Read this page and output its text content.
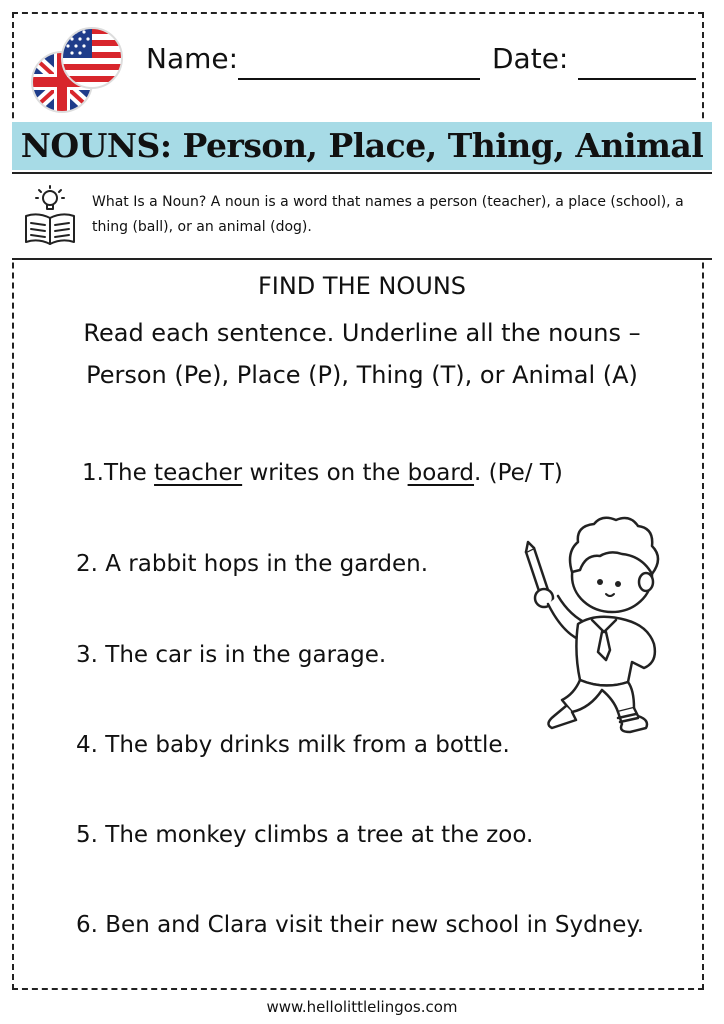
Name:	Date:
NOUNS: Person, Place, Thing, Animal
What Is a Noun? A noun is a word that names a person (teacher), a place (school), a thing (ball), or an animal (dog).
FIND THE NOUNS
Read each sentence. Underline all the nouns –
Person (Pe), Place (P), Thing (T), or Animal (A)
1.The teacher writes on the board. (Pe/ T)
2. A rabbit hops in the garden.
3. The car is in the garage.
4. The baby drinks milk from a bottle.
5. The monkey climbs a tree at the zoo.
6. Ben and Clara visit their new school in Sydney.
www.hellolittlelingos.com
